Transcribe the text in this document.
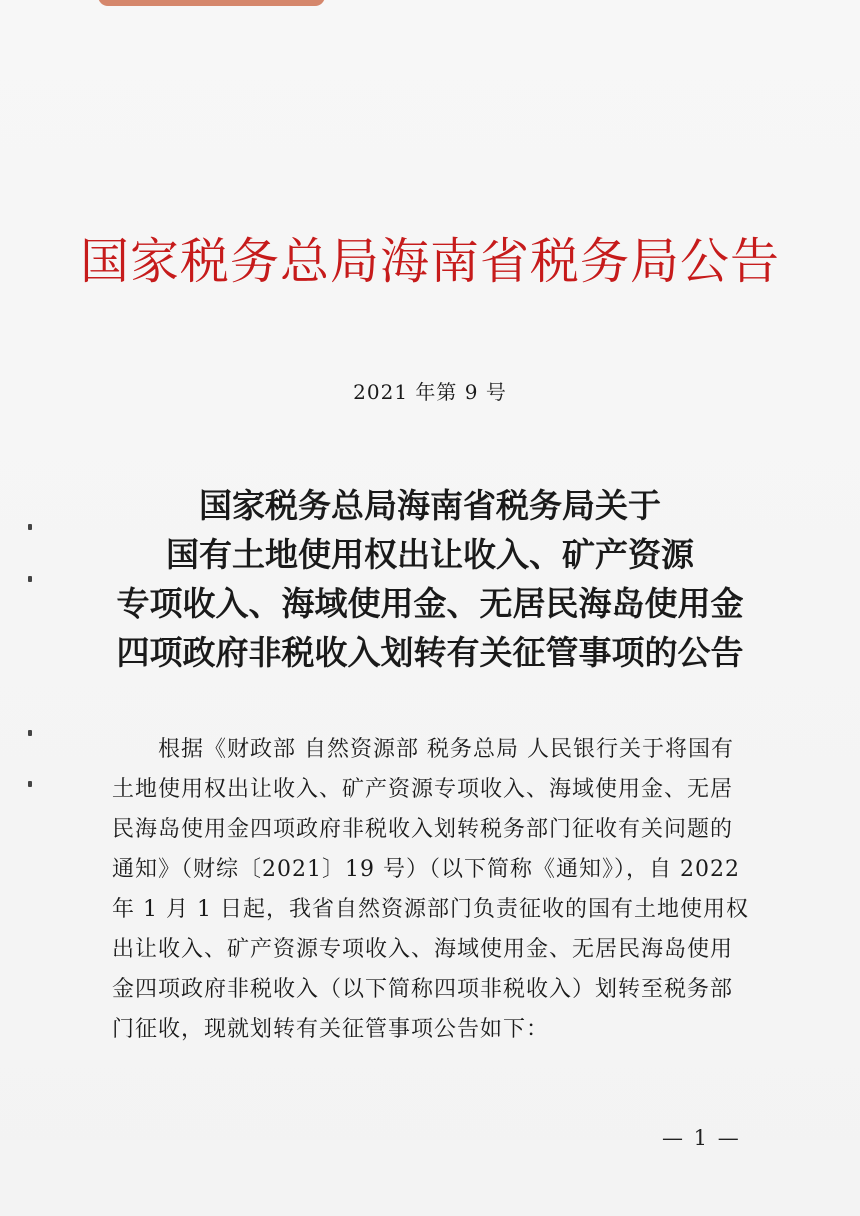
国家税务总局海南省税务局公告
2021 年第 9 号
国家税务总局海南省税务局关于
国有土地使用权出让收入、矿产资源
专项收入、海域使用金、无居民海岛使用金
四项政府非税收入划转有关征管事项的公告
　　根据《财政部 自然资源部 税务总局 人民银行关于将国有
土地使用权出让收入、矿产资源专项收入、海域使用金、无居
民海岛使用金四项政府非税收入划转税务部门征收有关问题的
通知》（财综〔2021〕19 号）（以下简称《通知》），自 2022
年 1 月 1 日起，我省自然资源部门负责征收的国有土地使用权
出让收入、矿产资源专项收入、海域使用金、无居民海岛使用
金四项政府非税收入（以下简称四项非税收入）划转至税务部
门征收，现就划转有关征管事项公告如下：
— 1 —
